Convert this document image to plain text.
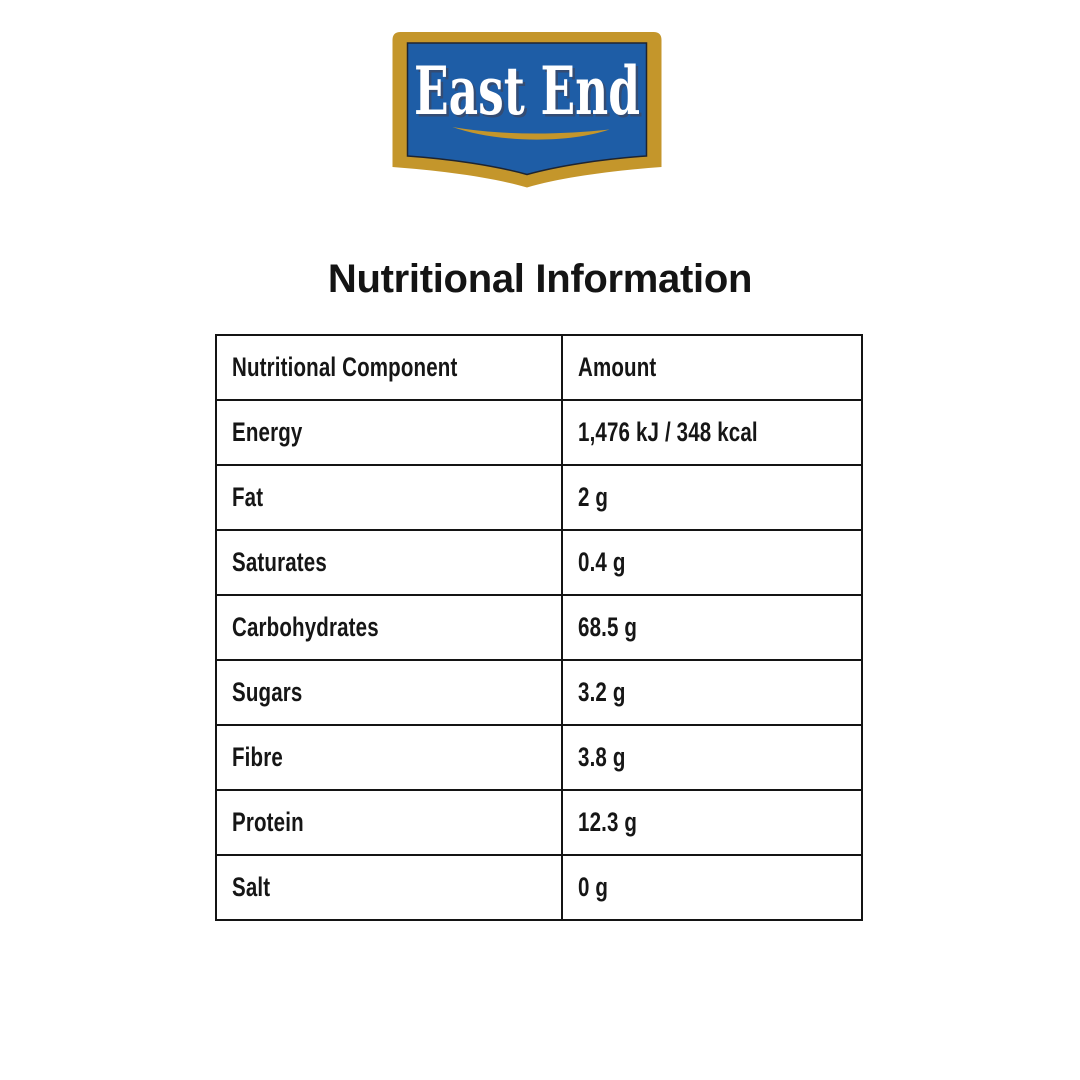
East End
East End
Nutritional Information
Nutritional Component	Amount
Energy	1,476 kJ / 348 kcal
Fat	2 g
Saturates	0.4 g
Carbohydrates	68.5 g
Sugars	3.2 g
Fibre	3.8 g
Protein	12.3 g
Salt	0 g
